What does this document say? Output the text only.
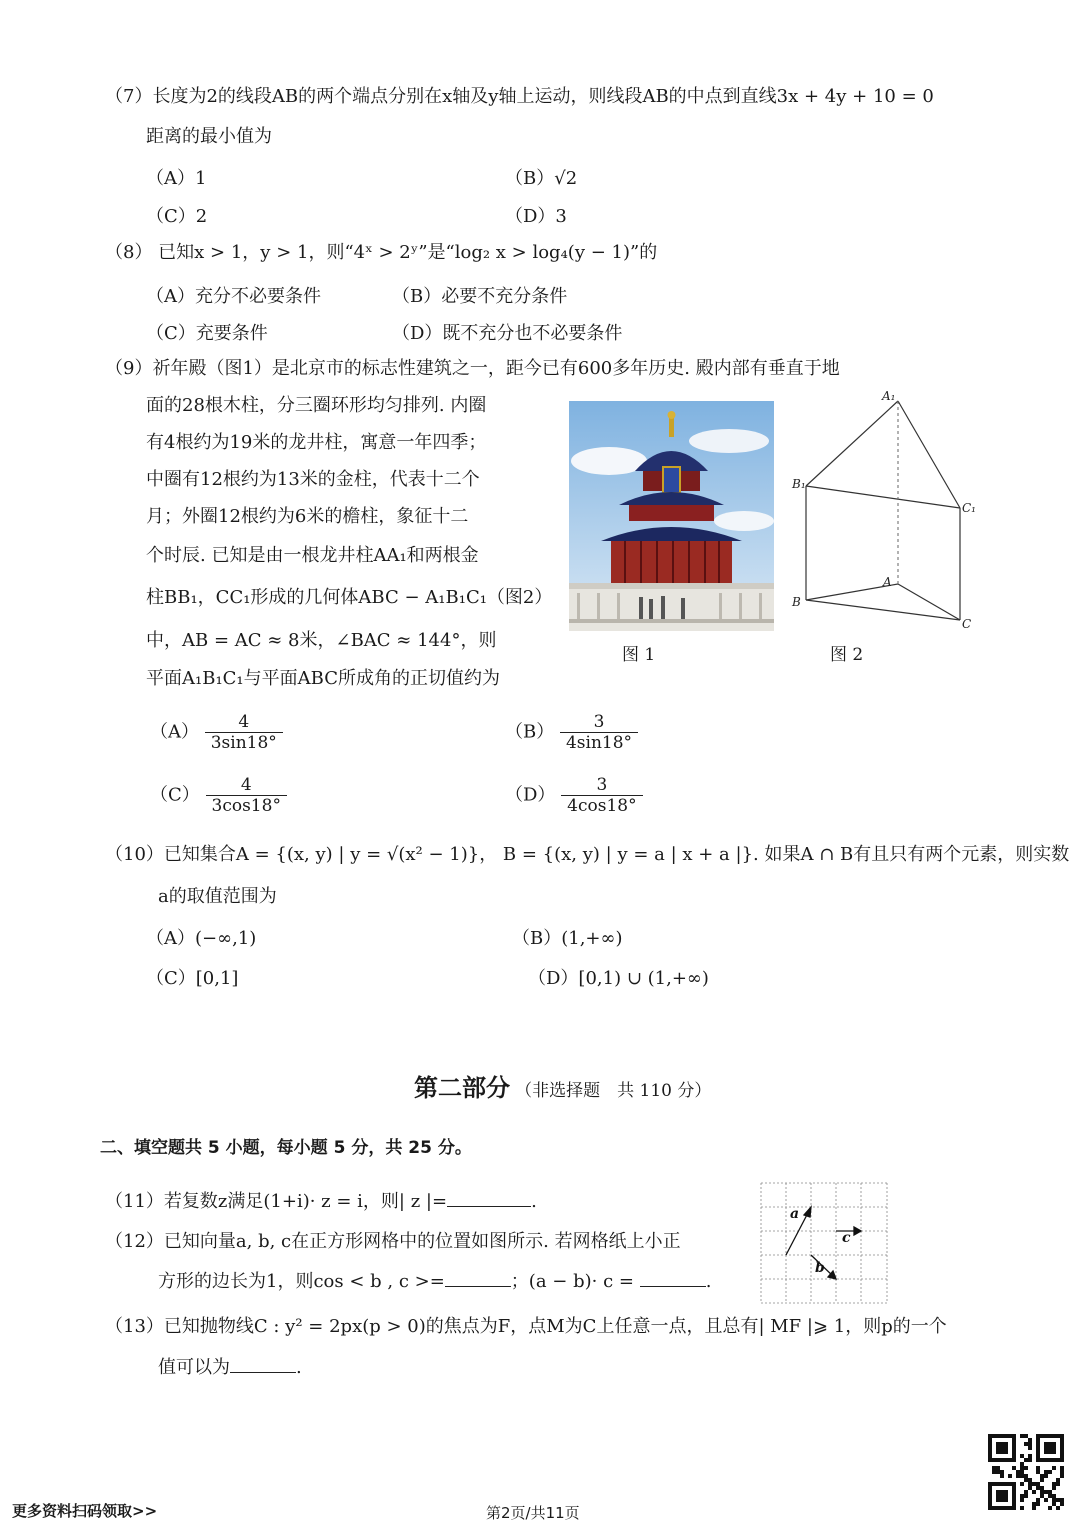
（7）长度为2的线段AB的两个端点分别在x轴及y轴上运动，则线段AB的中点到直线3x + 4y + 10 = 0
距离的最小值为
（A）1	（B）√2
（C）2	（D）3
（8） 已知x > 1，y > 1，则“4ˣ > 2ʸ”是“log₂ x > log₄(y − 1)”的
（A）充分不必要条件	（B）必要不充分条件
（C）充要条件	（D）既不充分也不必要条件
（9）祈年殿（图1）是北京市的标志性建筑之一，距今已有600多年历史. 殿内部有垂直于地
面的28根木柱，分三圈环形均匀排列. 内圈
有4根约为19米的龙井柱，寓意一年四季；
中圈有12根约为13米的金柱，代表十二个
月；外圈12根约为6米的檐柱，象征十二
个时辰. 已知是由一根龙井柱AA₁和两根金
柱BB₁，CC₁形成的几何体ABC − A₁B₁C₁（图2）
中，AB = AC ≈ 8米，∠BAC ≈ 144°，则
平面A₁B₁C₁与平面ABC所成角的正切值约为
图 1
A₁
B₁
C₁
A
B
C
图 2
$(A) \frac{4}{3\sin 18^\circ}$	$(B) \frac{3}{4\sin 18^\circ}$
$(C) \frac{4}{3\cos 18^\circ}$	$(D) \frac{3}{4\cos 18^\circ}$
（10）已知集合A = {(x, y) | y = √(x² − 1)}， B = {(x, y) | y = a | x + a |}. 如果A ∩ B有且只有两个元素，则实数
a的取值范围为
（A）(−∞,1)	（B）(1,+∞)
（C）[0,1]	（D）[0,1) ∪ (1,+∞)
第二部分 （非选择题　共 110 分）
二、填空题共 5 小题，每小题 5 分，共 25 分。
（11）若复数z满足(1+i)· z = i，则| z |=	.
（12）已知向量a, b, c在正方形网格中的位置如图所示. 若网格纸上小正
方形的边长为1，则cos < b , c >=	；(a − b)· c =	.
a
c
b
（13）已知抛物线C : y² = 2px(p > 0)的焦点为F，点M为C上任意一点，且总有| MF |⩾ 1，则p的一个
值可以为	.
更多资料扫码领取>>	第2页/共11页
